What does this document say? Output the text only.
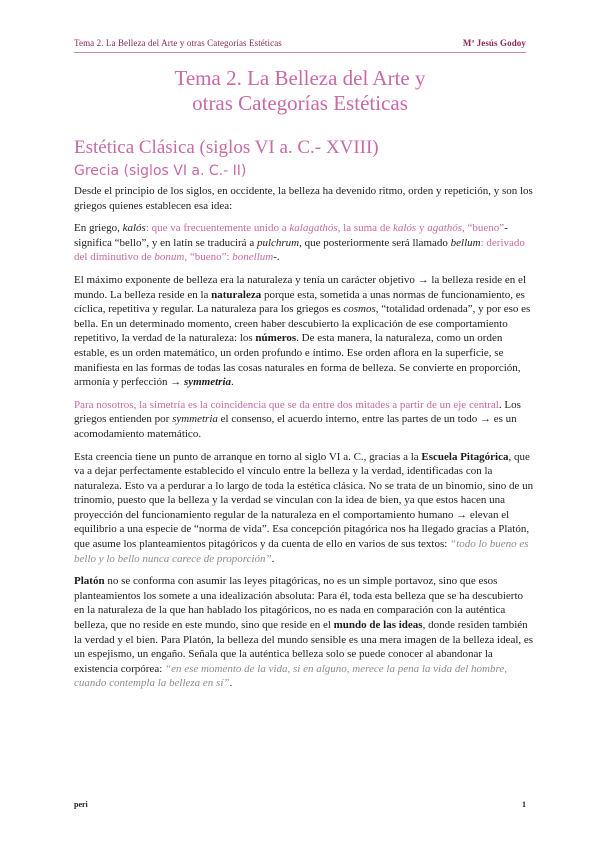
Tema 2. La Belleza del Arte y otras Categorías Estéticas	Mª Jesús Godoy
Tema 2. La Belleza del Arte y
otras Categorías Estéticas
Estética Clásica (siglos VI a. C.- XVIII)
Grecia (siglos VI a. C.- II)

Desde el principio de los siglos, en occidente, la belleza ha devenido ritmo, orden y repetición, y son los griegos quienes establecen esa idea:

En griego, kalós: que va frecuentemente unido a kalagathós, la suma de kalós y agathós, “bueno”- significa “bello”, y en latín se traducirá a pulchrum, que posteriormente será llamado bellum: derivado del diminutivo de bonum, “bueno”: bonellum-.

El máximo exponente de belleza era la naturaleza y tenía un carácter objetivo → la belleza reside en el mundo. La belleza reside en la naturaleza porque esta, sometida a unas normas de funcionamiento, es cíclica, repetitiva y regular. La naturaleza para los griegos es cosmos, “totalidad ordenada”, y por eso es bella. En un determinado momento, creen haber descubierto la explicación de ese comportamiento repetitivo, la verdad de la naturaleza: los números. De esta manera, la naturaleza, como un orden estable, es un orden matemático, un orden profundo e íntimo. Ese orden aflora en la superficie, se manifiesta en las formas de todas las cosas naturales en forma de belleza. Se convierte en proporción, armonía y perfección → symmetria.

Para nosotros, la simetría es la coincidencia que se da entre dos mitades a partir de un eje central. Los griegos entienden por symmetria el consenso, el acuerdo interno, entre las partes de un todo → es un acomodamiento matemático.

Esta creencia tiene un punto de arranque en torno al siglo VI a. C., gracias a la Escuela Pitagórica, que va a dejar perfectamente establecido el vínculo entre la belleza y la verdad, identificadas con la naturaleza. Esto va a perdurar a lo largo de toda la estética clásica. No se trata de un binomio, sino de un trinomio, puesto que la belleza y la verdad se vinculan con la idea de bien, ya que estos hacen una proyección del funcionamiento regular de la naturaleza en el comportamiento humano → elevan el equilibrio a una especie de “norma de vida”. Esa concepción pitagórica nos ha llegado gracias a Platón, que asume los planteamientos pitagóricos y da cuenta de ello en varios de sus textos: “todo lo bueno es bello y lo bello nunca carece de proporción”.

Platón no se conforma con asumir las leyes pitagóricas, no es un simple portavoz, sino que esos planteamientos los somete a una idealización absoluta: Para él, toda esta belleza que se ha descubierto en la naturaleza de la que han hablado los pitagóricos, no es nada en comparación con la auténtica belleza, que no reside en este mundo, sino que reside en el mundo de las ideas, donde residen también la verdad y el bien. Para Platón, la belleza del mundo sensible es una mera imagen de la belleza ideal, es un espejismo, un engaño. Señala que la auténtica belleza solo se puede conocer al abandonar la existencia corpórea: “en ese momento de la vida, si en alguno, merece la pena la vida del hombre, cuando contempla la belleza en sí”.

peri	1
